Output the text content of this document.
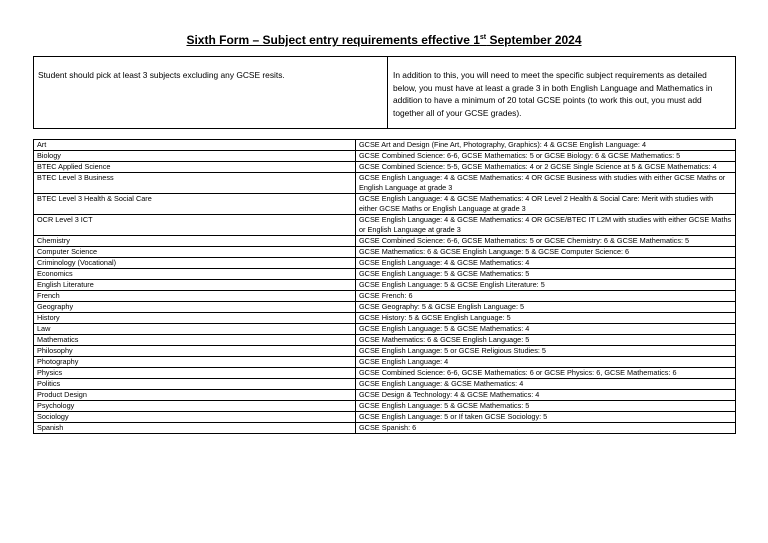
Sixth Form – Subject entry requirements effective 1st September 2024
Student should pick at least 3 subjects excluding any GCSE resits.	In addition to this, you will need to meet the specific subject requirements as detailed below, you must have at least a grade 3 in both English Language and Mathematics in addition to have a minimum of 20 total GCSE points (to work this out, you must add together all of your GCSE grades).
Art	GCSE Art and Design (Fine Art, Photography, Graphics): 4 & GCSE English Language: 4
Biology	GCSE Combined Science: 6-6, GCSE Mathematics: 5 or GCSE Biology: 6 & GCSE Mathematics: 5
BTEC Applied Science	GCSE Combined Science: 5-5, GCSE Mathematics: 4 or 2 GCSE Single Science at 5 & GCSE Mathematics: 4
BTEC Level 3 Business	GCSE English Language: 4 & GCSE Mathematics: 4 OR GCSE Business with studies with either GCSE Maths or English Language at grade 3
BTEC Level 3 Health & Social Care	GCSE English Language: 4 & GCSE Mathematics: 4 OR Level 2 Health & Social Care: Merit with studies with either GCSE Maths or English Language at grade 3
OCR Level 3 ICT	GCSE English Language: 4 & GCSE Mathematics: 4 OR GCSE/BTEC IT L2M with studies with either GCSE Maths or English Language at grade 3
Chemistry	GCSE Combined Science: 6-6, GCSE Mathematics: 5 or GCSE Chemistry: 6 & GCSE Mathematics: 5
Computer Science	GCSE Mathematics: 6 & GCSE English Language: 5 & GCSE Computer Science: 6
Criminology (Vocational)	GCSE English Language: 4 & GCSE Mathematics: 4
Economics	GCSE English Language: 5 & GCSE Mathematics: 5
English Literature	GCSE English Language: 5 & GCSE English Literature: 5
French	GCSE French: 6
Geography	GCSE Geography: 5 & GCSE English Language: 5
History	GCSE History: 5 & GCSE English Language: 5
Law	GCSE English Language: 5 & GCSE Mathematics: 4
Mathematics	GCSE Mathematics: 6 & GCSE English Language: 5
Philosophy	GCSE English Language: 5 or GCSE Religious Studies: 5
Photography	GCSE English Language: 4
Physics	GCSE Combined Science: 6-6, GCSE Mathematics: 6 or GCSE Physics: 6, GCSE Mathematics: 6
Politics	GCSE English Language: & GCSE Mathematics: 4
Product Design	GCSE Design & Technology: 4 & GCSE Mathematics: 4
Psychology	GCSE English Language: 5 & GCSE Mathematics: 5
Sociology	GCSE English Language: 5 or If taken GCSE Sociology: 5
Spanish	GCSE Spanish: 6
